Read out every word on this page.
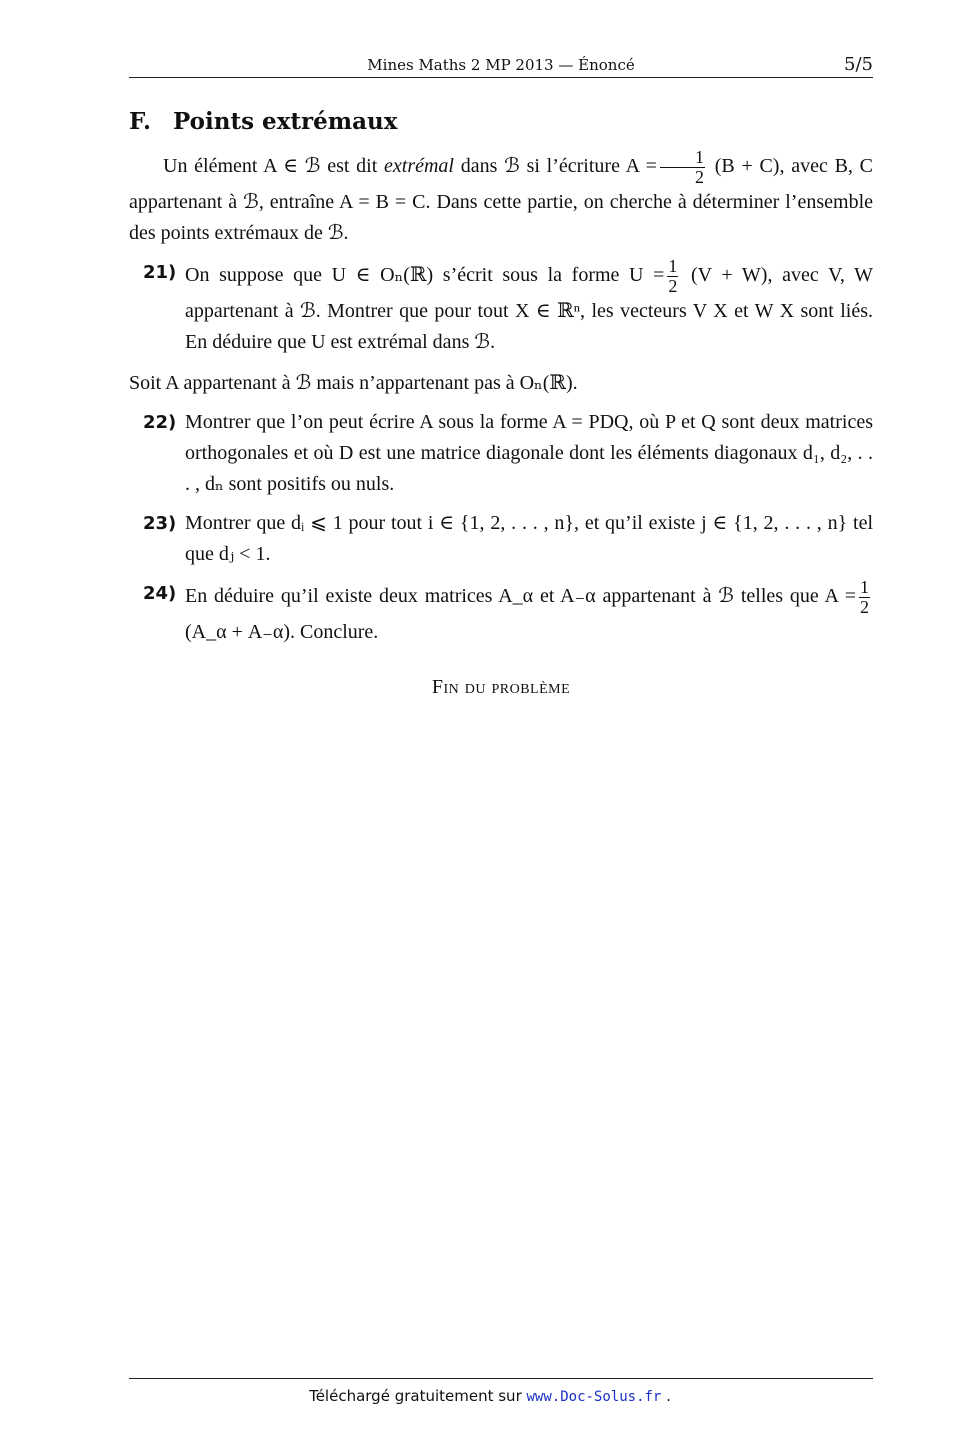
Mines Maths 2 MP 2013 — Énoncé	5/5
F. Points extrémaux

Un élément A ∈ ℬ est dit extrémal dans ℬ si l’écriture $A = \frac{1}{2} (B + C)$, avec B, C appartenant à ℬ, entraîne A = B = C. Dans cette partie, on cherche à déterminer l’ensemble des points extrémaux de ℬ.

21) On suppose que U ∈ Oₙ(ℝ) s’écrit sous la forme $U = \frac{1}{2} (V + W)$, avec V, W appartenant à ℬ. Montrer que pour tout X ∈ ℝⁿ, les vecteurs V X et W X sont liés. En déduire que U est extrémal dans ℬ.

Soit A appartenant à ℬ mais n’appartenant pas à Oₙ(ℝ).

22) Montrer que l’on peut écrire A sous la forme A = PDQ, où P et Q sont deux matrices orthogonales et où D est une matrice diagonale dont les éléments diagonaux d₁, d₂, . . . , dₙ sont positifs ou nuls.
23) Montrer que dᵢ ⩽ 1 pour tout i ∈ {1, 2, . . . , n}, et qu’il existe j ∈ {1, 2, . . . , n} tel que dⱼ < 1.
24) En déduire qu’il existe deux matrices A_α et A₋α appartenant à ℬ telles que $A = \frac{1}{2}$
(A_α + A₋α). Conclure.
Fin du problème
Téléchargé gratuitement sur www.Doc-Solus.fr .
